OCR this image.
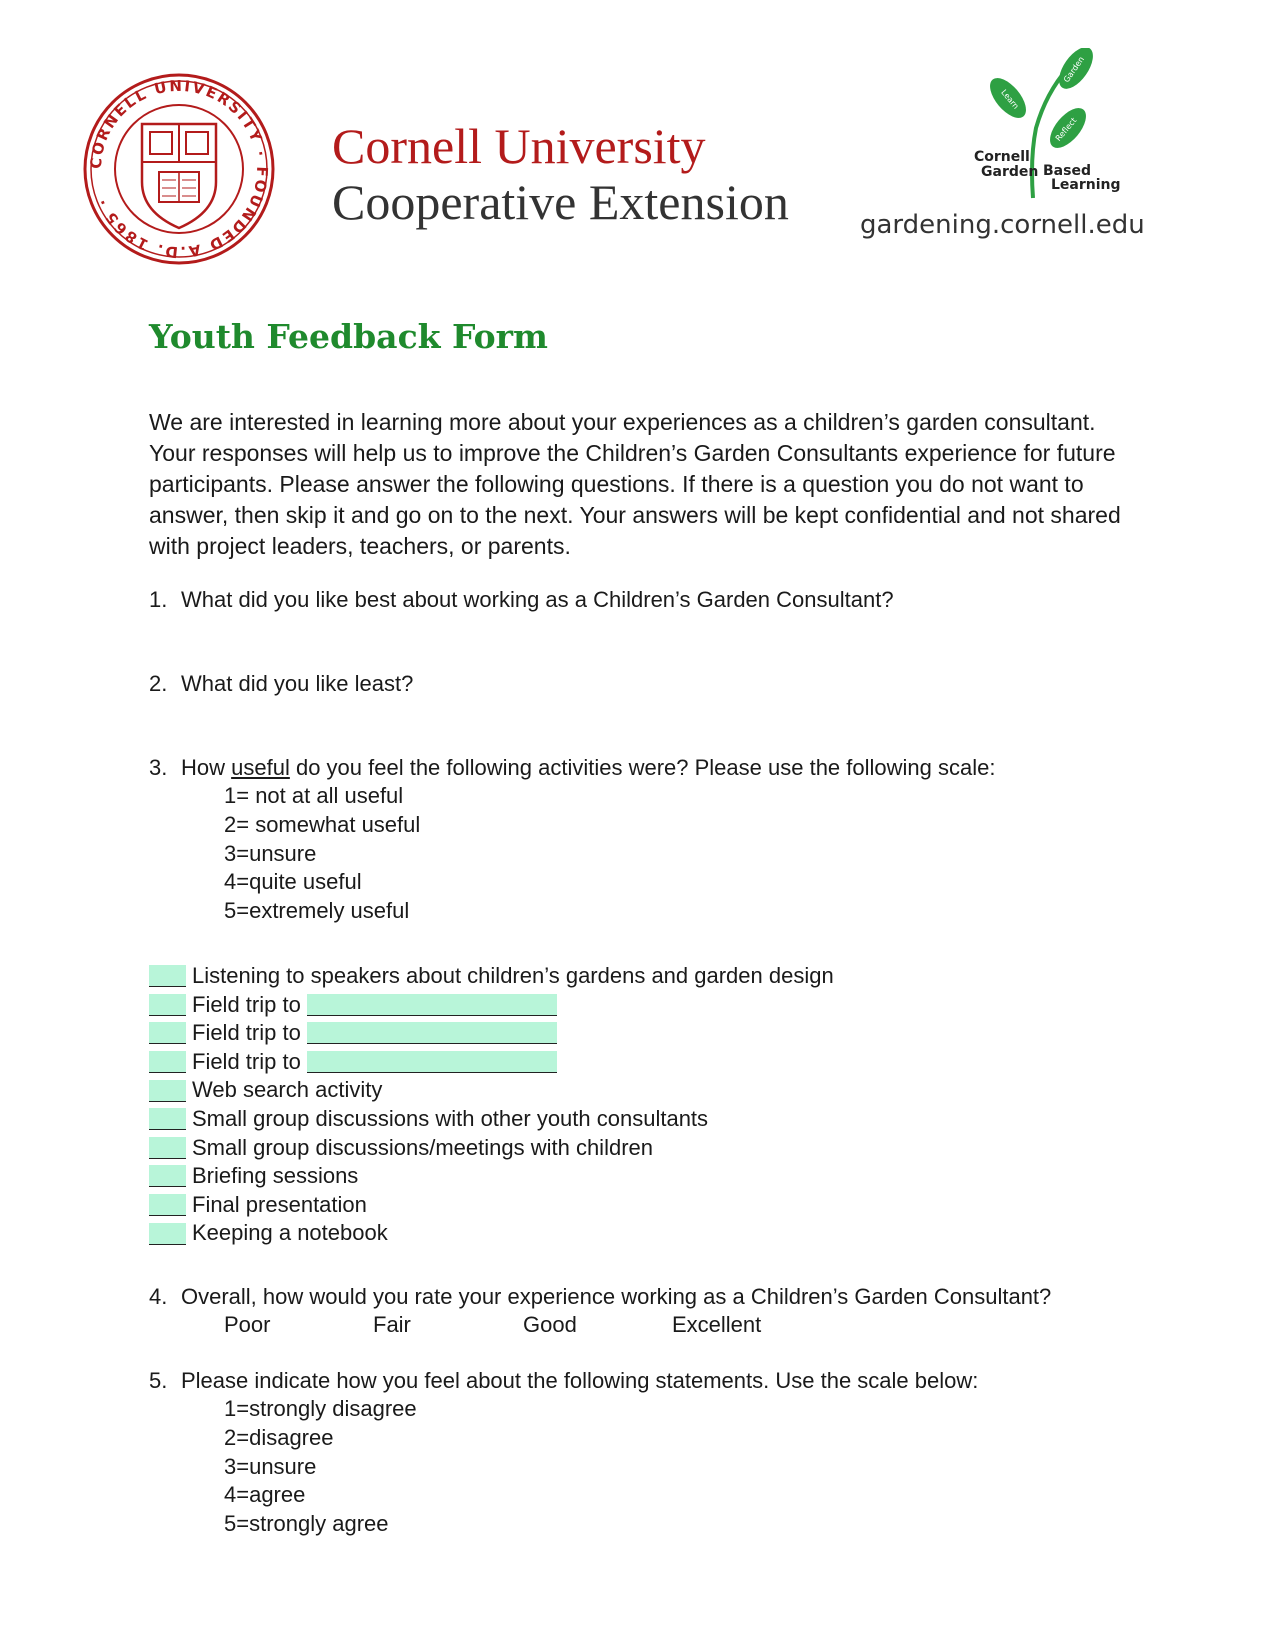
CORNELL UNIVERSITY · FOUNDED A.D. 1865 ·
Cornell University
Cooperative Extension
Garden
Learn
Reflect
Cornell
Garden Based
Learning
gardening.cornell.edu
Youth Feedback Form
We are interested in learning more about your experiences as a children’s garden consultant. Your responses will help us to improve the Children’s Garden Consultants experience for future participants. Please answer the following questions. If there is a question you do not want to answer, then skip it and go on to the next. Your answers will be kept confidential and not shared with project leaders, teachers, or parents.
1. What did you like best about working as a Children’s Garden Consultant?
2. What did you like least?
3. How useful do you feel the following activities were? Please use the following scale:
1= not at all useful
2= somewhat useful
3=unsure
4=quite useful
5=extremely useful
Listening to speakers about children’s gardens and garden design
Field trip to
Field trip to
Field trip to
Web search activity
Small group discussions with other youth consultants
Small group discussions/meetings with children
Briefing sessions
Final presentation
Keeping a notebook
4. Overall, how would you rate your experience working as a Children’s Garden Consultant?
Poor	Fair	Good	Excellent
5. Please indicate how you feel about the following statements. Use the scale below:
1=strongly disagree
2=disagree
3=unsure
4=agree
5=strongly agree
